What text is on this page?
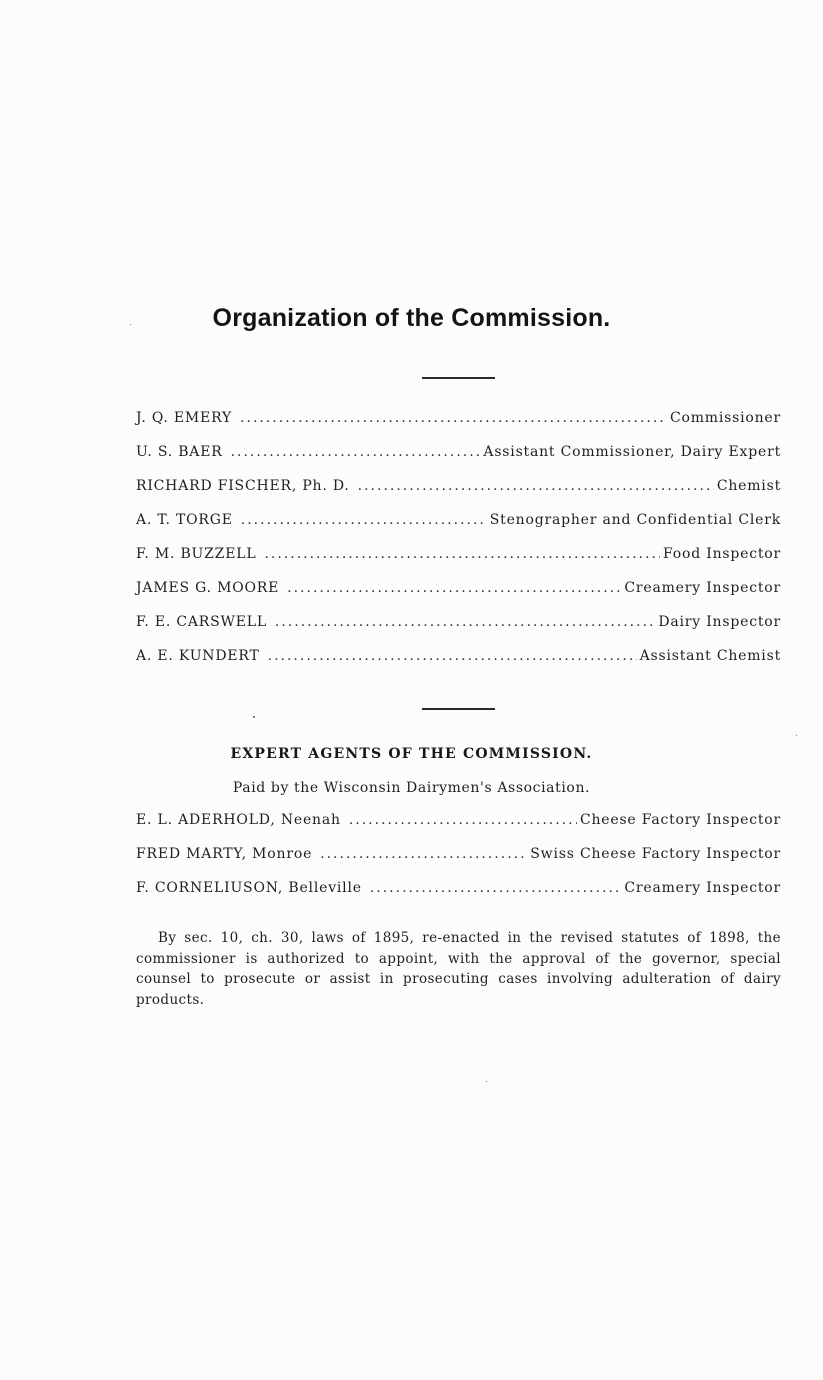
Organization of the Commission.
J. Q. EMERY .....	Commissioner
U. S. BAER .....	Assistant Commissioner, Dairy Expert
RICHARD FISCHER, Ph. D. .....	Chemist
A. T. TORGE .....	Stenographer and Confidential Clerk
F. M. BUZZELL .....	Food Inspector
JAMES G. MOORE .....	Creamery Inspector
F. E. CARSWELL .....	Dairy Inspector
A. E. KUNDERT .....	Assistant Chemist
EXPERT AGENTS OF THE COMMISSION.

Paid by the Wisconsin Dairymen's Association.

E. L. ADERHOLD, Neenah .....	Cheese Factory Inspector
FRED MARTY, Monroe .....	Swiss Cheese Factory Inspector
F. CORNELIUSON, Belleville .....	Creamery Inspector

By sec. 10, ch. 30, laws of 1895, re-enacted in the revised statutes of 1898, the commissioner is authorized to appoint, with the approval of the governor, special counsel to prosecute or assist in prosecuting cases involving adulteration of dairy products.
